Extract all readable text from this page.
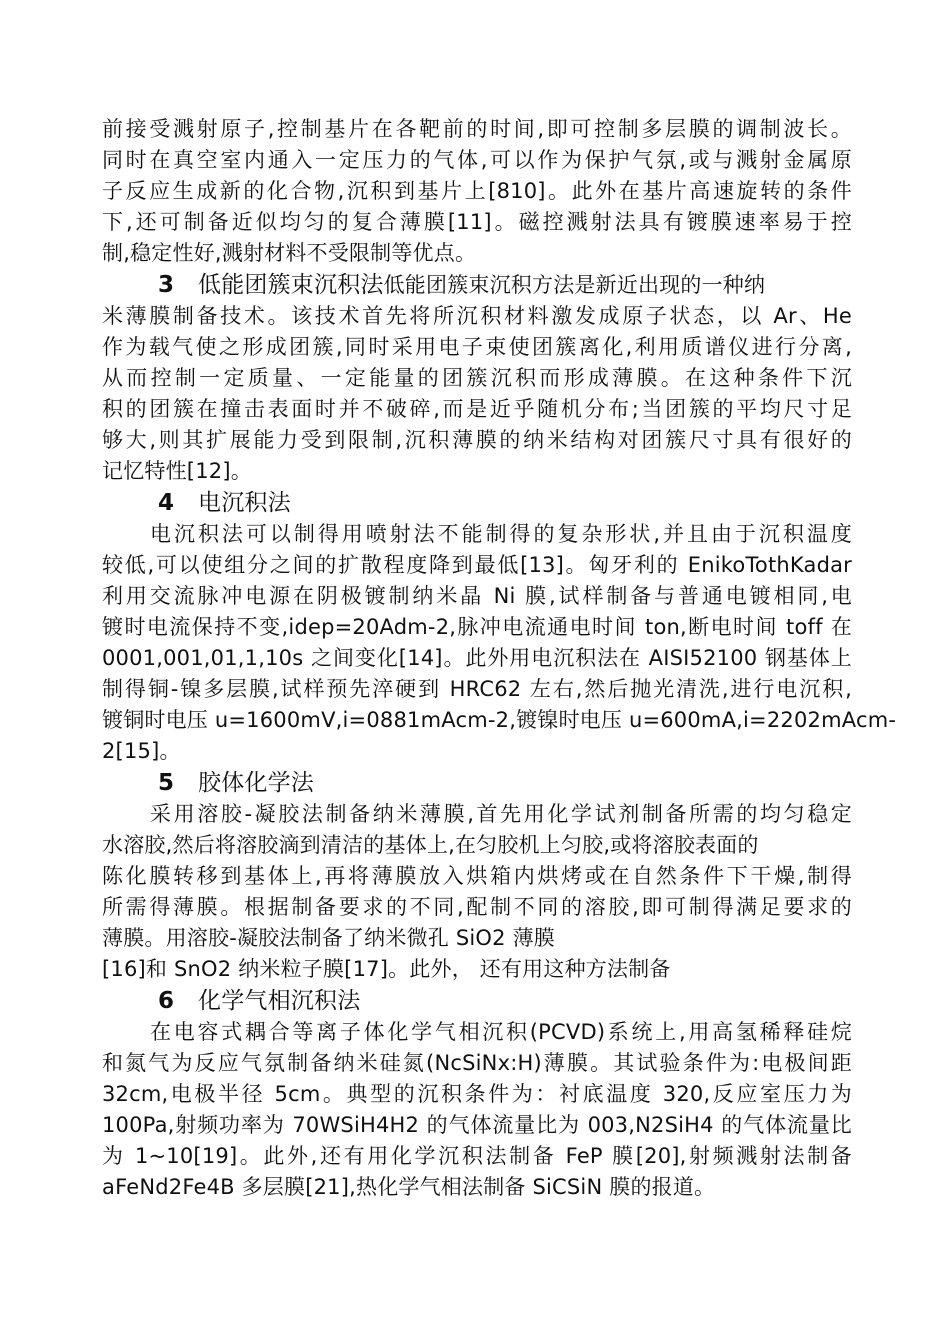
前接受溅射原子,控制基片在各靶前的时间,即可控制多层膜的调制波长。
同时在真空室内通入一定压力的气体,可以作为保护气氛,或与溅射金属原
子反应生成新的化合物,沉积到基片上[810]。此外在基片高速旋转的条件
下,还可制备近似均匀的复合薄膜[11]。磁控溅射法具有镀膜速率易于控
制,稳定性好,溅射材料不受限制等优点。
3 低能团簇束沉积法低能团簇束沉积方法是新近出现的一种纳
米薄膜制备技术。该技术首先将所沉积材料激发成原子状态，以 Ar、He
作为载气使之形成团簇,同时采用电子束使团簇离化,利用质谱仪进行分离,
从而控制一定质量、一定能量的团簇沉积而形成薄膜。在这种条件下沉
积的团簇在撞击表面时并不破碎,而是近乎随机分布;当团簇的平均尺寸足
够大,则其扩展能力受到限制,沉积薄膜的纳米结构对团簇尺寸具有很好的
记忆特性[12]。
4 电沉积法
电沉积法可以制得用喷射法不能制得的复杂形状,并且由于沉积温度
较低,可以使组分之间的扩散程度降到最低[13]。匈牙利的 EnikoTothKadar
利用交流脉冲电源在阴极镀制纳米晶 Ni 膜,试样制备与普通电镀相同,电
镀时电流保持不变,idep=20Adm-2,脉冲电流通电时间 ton,断电时间 toff 在
0001,001,01,1,10s 之间变化[14]。此外用电沉积法在 AISI52100 钢基体上
制得铜-镍多层膜,试样预先淬硬到 HRC62 左右,然后抛光清洗,进行电沉积,
镀铜时电压 u=1600mV,i=0881mAcm-2,镀镍时电压 u=600mA,i=2202mAcm-
2[15]。
5 胶体化学法
采用溶胶-凝胶法制备纳米薄膜,首先用化学试剂制备所需的均匀稳定
水溶胶,然后将溶胶滴到清洁的基体上,在匀胶机上匀胶,或将溶胶表面的
陈化膜转移到基体上,再将薄膜放入烘箱内烘烤或在自然条件下干燥,制得
所需得薄膜。根据制备要求的不同,配制不同的溶胶,即可制得满足要求的
薄膜。用溶胶-凝胶法制备了纳米微孔 SiO2 薄膜
[16]和 SnO2 纳米粒子膜[17]。此外， 还有用这种方法制备
6 化学气相沉积法
在电容式耦合等离子体化学气相沉积(PCVD)系统上,用高氢稀释硅烷
和氮气为反应气氛制备纳米硅氮(NcSiNx:H)薄膜。其试验条件为:电极间距
32cm,电极半径 5cm。典型的沉积条件为：衬底温度 320,反应室压力为
100Pa,射频功率为 70WSiH4H2 的气体流量比为 003,N2SiH4 的气体流量比
为 1~10[19]。此外,还有用化学沉积法制备 FeP 膜[20],射频溅射法制备
aFeNd2Fe4B 多层膜[21],热化学气相法制备 SiCSiN 膜的报道。
